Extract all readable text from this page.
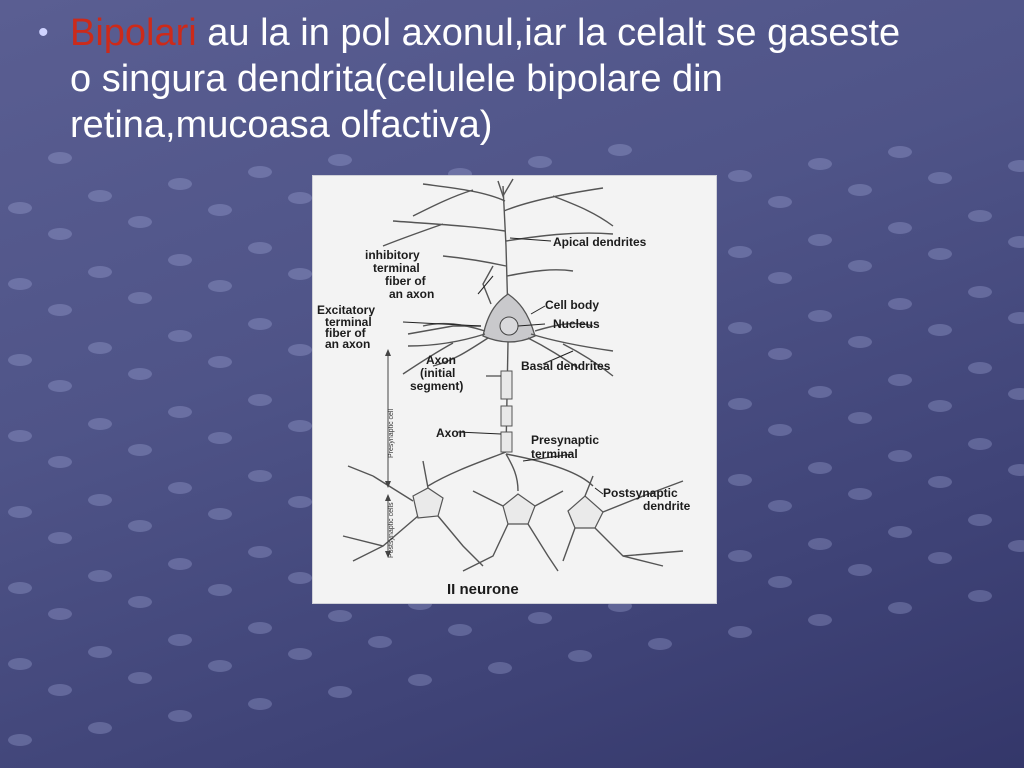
• Bipolari au la in pol axonul,iar la celalt se gaseste o singura dendrita(celulele bipolare din retina,mucoasa olfactiva)
Apical dendrites
inhibitory
terminal
fiber of
an axon
Excitatory
terminal
fiber of
an axon
Cell body
Nucleus
Axon
(initial
segment)
Basal dendrites
Axon	Presynaptic
terminal
Postsynaptic
dendrite
Presynaptic cell
Postsynaptic cells
II neurone
